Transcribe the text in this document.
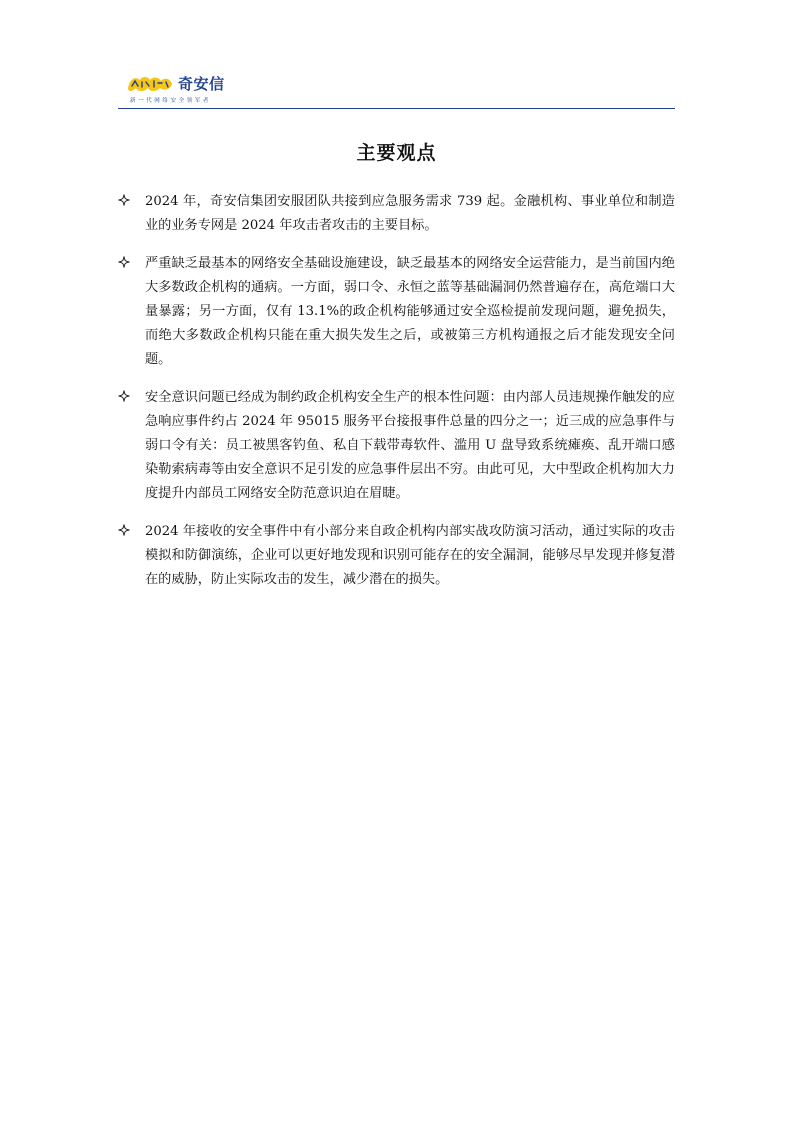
奇安信
新一代网络安全领军者
主要观点
2024 年，奇安信集团安服团队共接到应急服务需求 739 起。金融机构、事业单位和制造业的业务专网是 2024 年攻击者攻击的主要目标。
严重缺乏最基本的网络安全基础设施建设，缺乏最基本的网络安全运营能力，是当前国内绝大多数政企机构的通病。一方面，弱口令、永恒之蓝等基础漏洞仍然普遍存在，高危端口大量暴露；另一方面，仅有 13.1%的政企机构能够通过安全巡检提前发现问题，避免损失，而绝大多数政企机构只能在重大损失发生之后，或被第三方机构通报之后才能发现安全问题。
安全意识问题已经成为制约政企机构安全生产的根本性问题：由内部人员违规操作触发的应急响应事件约占 2024 年 95015 服务平台接报事件总量的四分之一；近三成的应急事件与弱口令有关：员工被黑客钓鱼、私自下载带毒软件、滥用 U 盘导致系统瘫痪、乱开端口感染勒索病毒等由安全意识不足引发的应急事件层出不穷。由此可见，大中型政企机构加大力度提升内部员工网络安全防范意识迫在眉睫。
2024 年接收的安全事件中有小部分来自政企机构内部实战攻防演习活动，通过实际的攻击模拟和防御演练，企业可以更好地发现和识别可能存在的安全漏洞，能够尽早发现并修复潜在的威胁，防止实际攻击的发生，减少潜在的损失。
